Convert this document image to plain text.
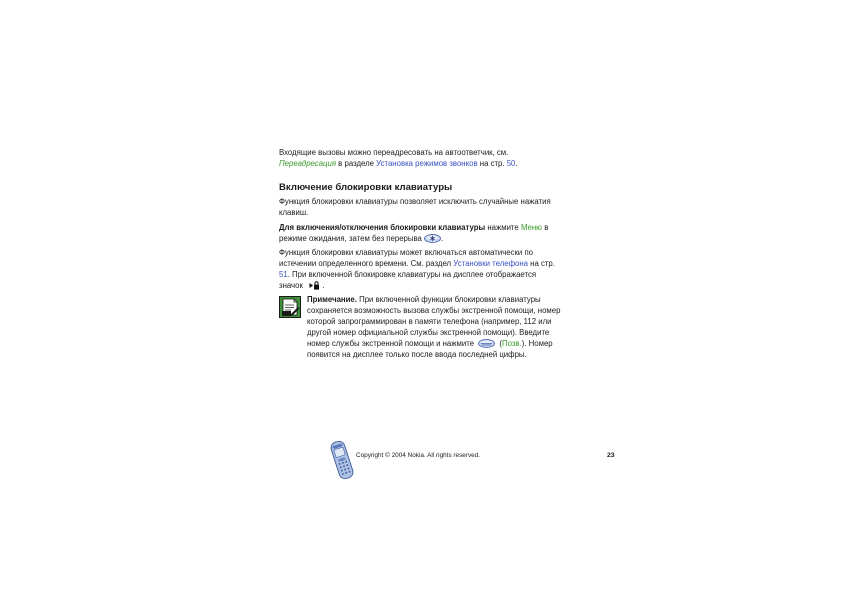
Входящие вызовы можно переадресовать на автоответчик, см.
Переадресация в разделе Установка режимов звонков на стр. 50.
Включение блокировки клавиатуры
Функция блокировки клавиатуры позволяет исключить случайные нажатия
клавиш.
Для включения/отключения блокировки клавиатуры нажмите Меню в
режиме ожидания, затем без перерыва .
Функция блокировки клавиатуры может включаться автоматически по
истечении определенного времени. См. раздел Установки телефона на стр.
51. При включенной блокировке клавиатуры на дисплее отображается
значок .
Примечание. При включенной функции блокировки клавиатуры
сохраняется возможность вызова службы экстренной помощи, номер
которой запрограммирован в памяти телефона (например, 112 или
другой номер официальной службы экстренной помощи). Введите
номер службы экстренной помощи и нажмите	(Позв.). Номер
появится на дисплее только после ввода последней цифры.
Copyright © 2004 Nokia. All rights reserved.	23
